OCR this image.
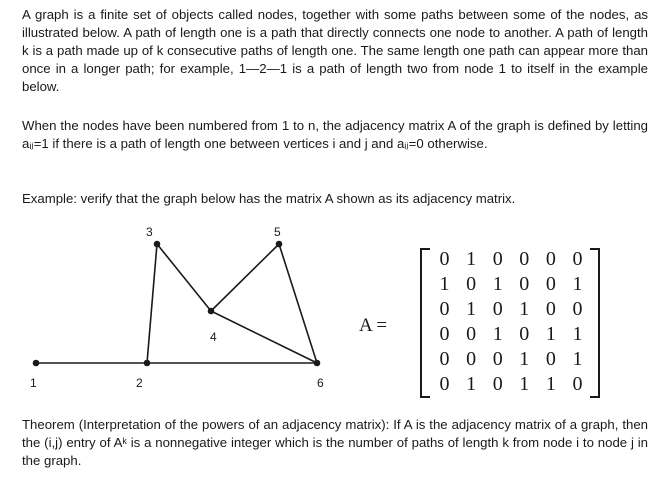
A graph is a finite set of objects called nodes, together with some paths between some of the nodes, as illustrated below. A path of length one is a path that directly connects one node to another. A path of length k is a path made up of k consecutive paths of length one. The same length one path can appear more than once in a longer path; for example, 1—2—1 is a path of length two from node 1 to itself in the example below.
When the nodes have been numbered from 1 to n, the adjacency matrix A of the graph is defined by letting aᵢⱼ=1 if there is a path of length one between vertices i and j and aᵢⱼ=0 otherwise.
Example: verify that the graph below has the matrix A shown as its adjacency matrix.
1	2
3
4
5
6
A =
0 1 0 0 0 0
1 0 1 0 0 1
0 1 0 1 0 0
0 0 1 0 1 1
0 0 0 1 0 1
0 1 0 1 1 0
Theorem (Interpretation of the powers of an adjacency matrix): If A is the adjacency matrix of a graph, then the (i,j) entry of Aᵏ is a nonnegative integer which is the number of paths of length k from node i to node j in the graph.
